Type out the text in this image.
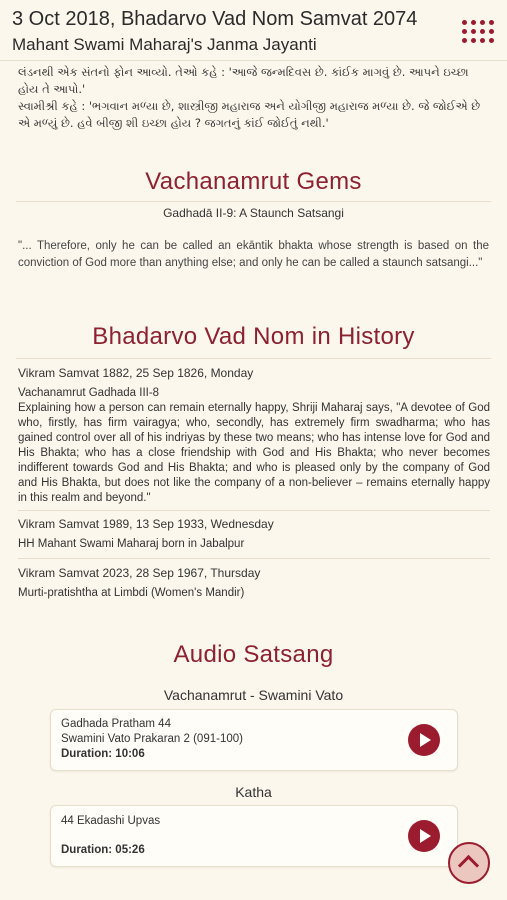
3 Oct 2018, Bhadarvo Vad Nom Samvat 2074
Mahant Swami Maharaj's Janma Jayanti

લંડનથી એક સંતનો ફોન આવ્યો. તેઓ કહે : 'આજે જન્મદિવસ છે. કાંઈક માગવું છે. આપને ઇચ્છા હોય તે આપો.'

સ્વામીશ્રી કહે : 'ભગવાન મળ્યા છે, શાસ્ત્રીજી મહારાજ અને યોગીજી મહારાજ મળ્યા છે. જે જોઈએ છે એ મળ્યું છે. હવે બીજી શી ઇચ્છા હોય ? જગતનું કાંઈ જોઈતું નથી.'

Vachanamrut Gems
Gadhadā II-9: A Staunch Satsangi
"... Therefore, only he can be called an ekāntik bhakta whose strength is based on the conviction of God more than anything else; and only he can be called a staunch satsangi..."
Bhadarvo Vad Nom in History
Vikram Samvat 1882, 25 Sep 1826, Monday
Vachanamrut Gadhada III-8
Explaining how a person can remain eternally happy, Shriji Maharaj says, "A devotee of God who, firstly, has firm vairagya; who, secondly, has extremely firm swadharma; who has gained control over all of his indriyas by these two means; who has intense love for God and His Bhakta; who has a close friendship with God and His Bhakta; who never becomes indifferent towards God and His Bhakta; and who is pleased only by the company of God and His Bhakta, but does not like the company of a non-believer – remains eternally happy in this realm and beyond."
Vikram Samvat 1989, 13 Sep 1933, Wednesday
HH Mahant Swami Maharaj born in Jabalpur
Vikram Samvat 2023, 28 Sep 1967, Thursday
Murti-pratishtha at Limbdi (Women's Mandir)
Audio Satsang
Vachanamrut - Swamini Vato
Gadhada Pratham 44
Swamini Vato Prakaran 2 (091-100)
Duration: 10:06
Katha
44 Ekadashi Upvas
Duration: 05:26
